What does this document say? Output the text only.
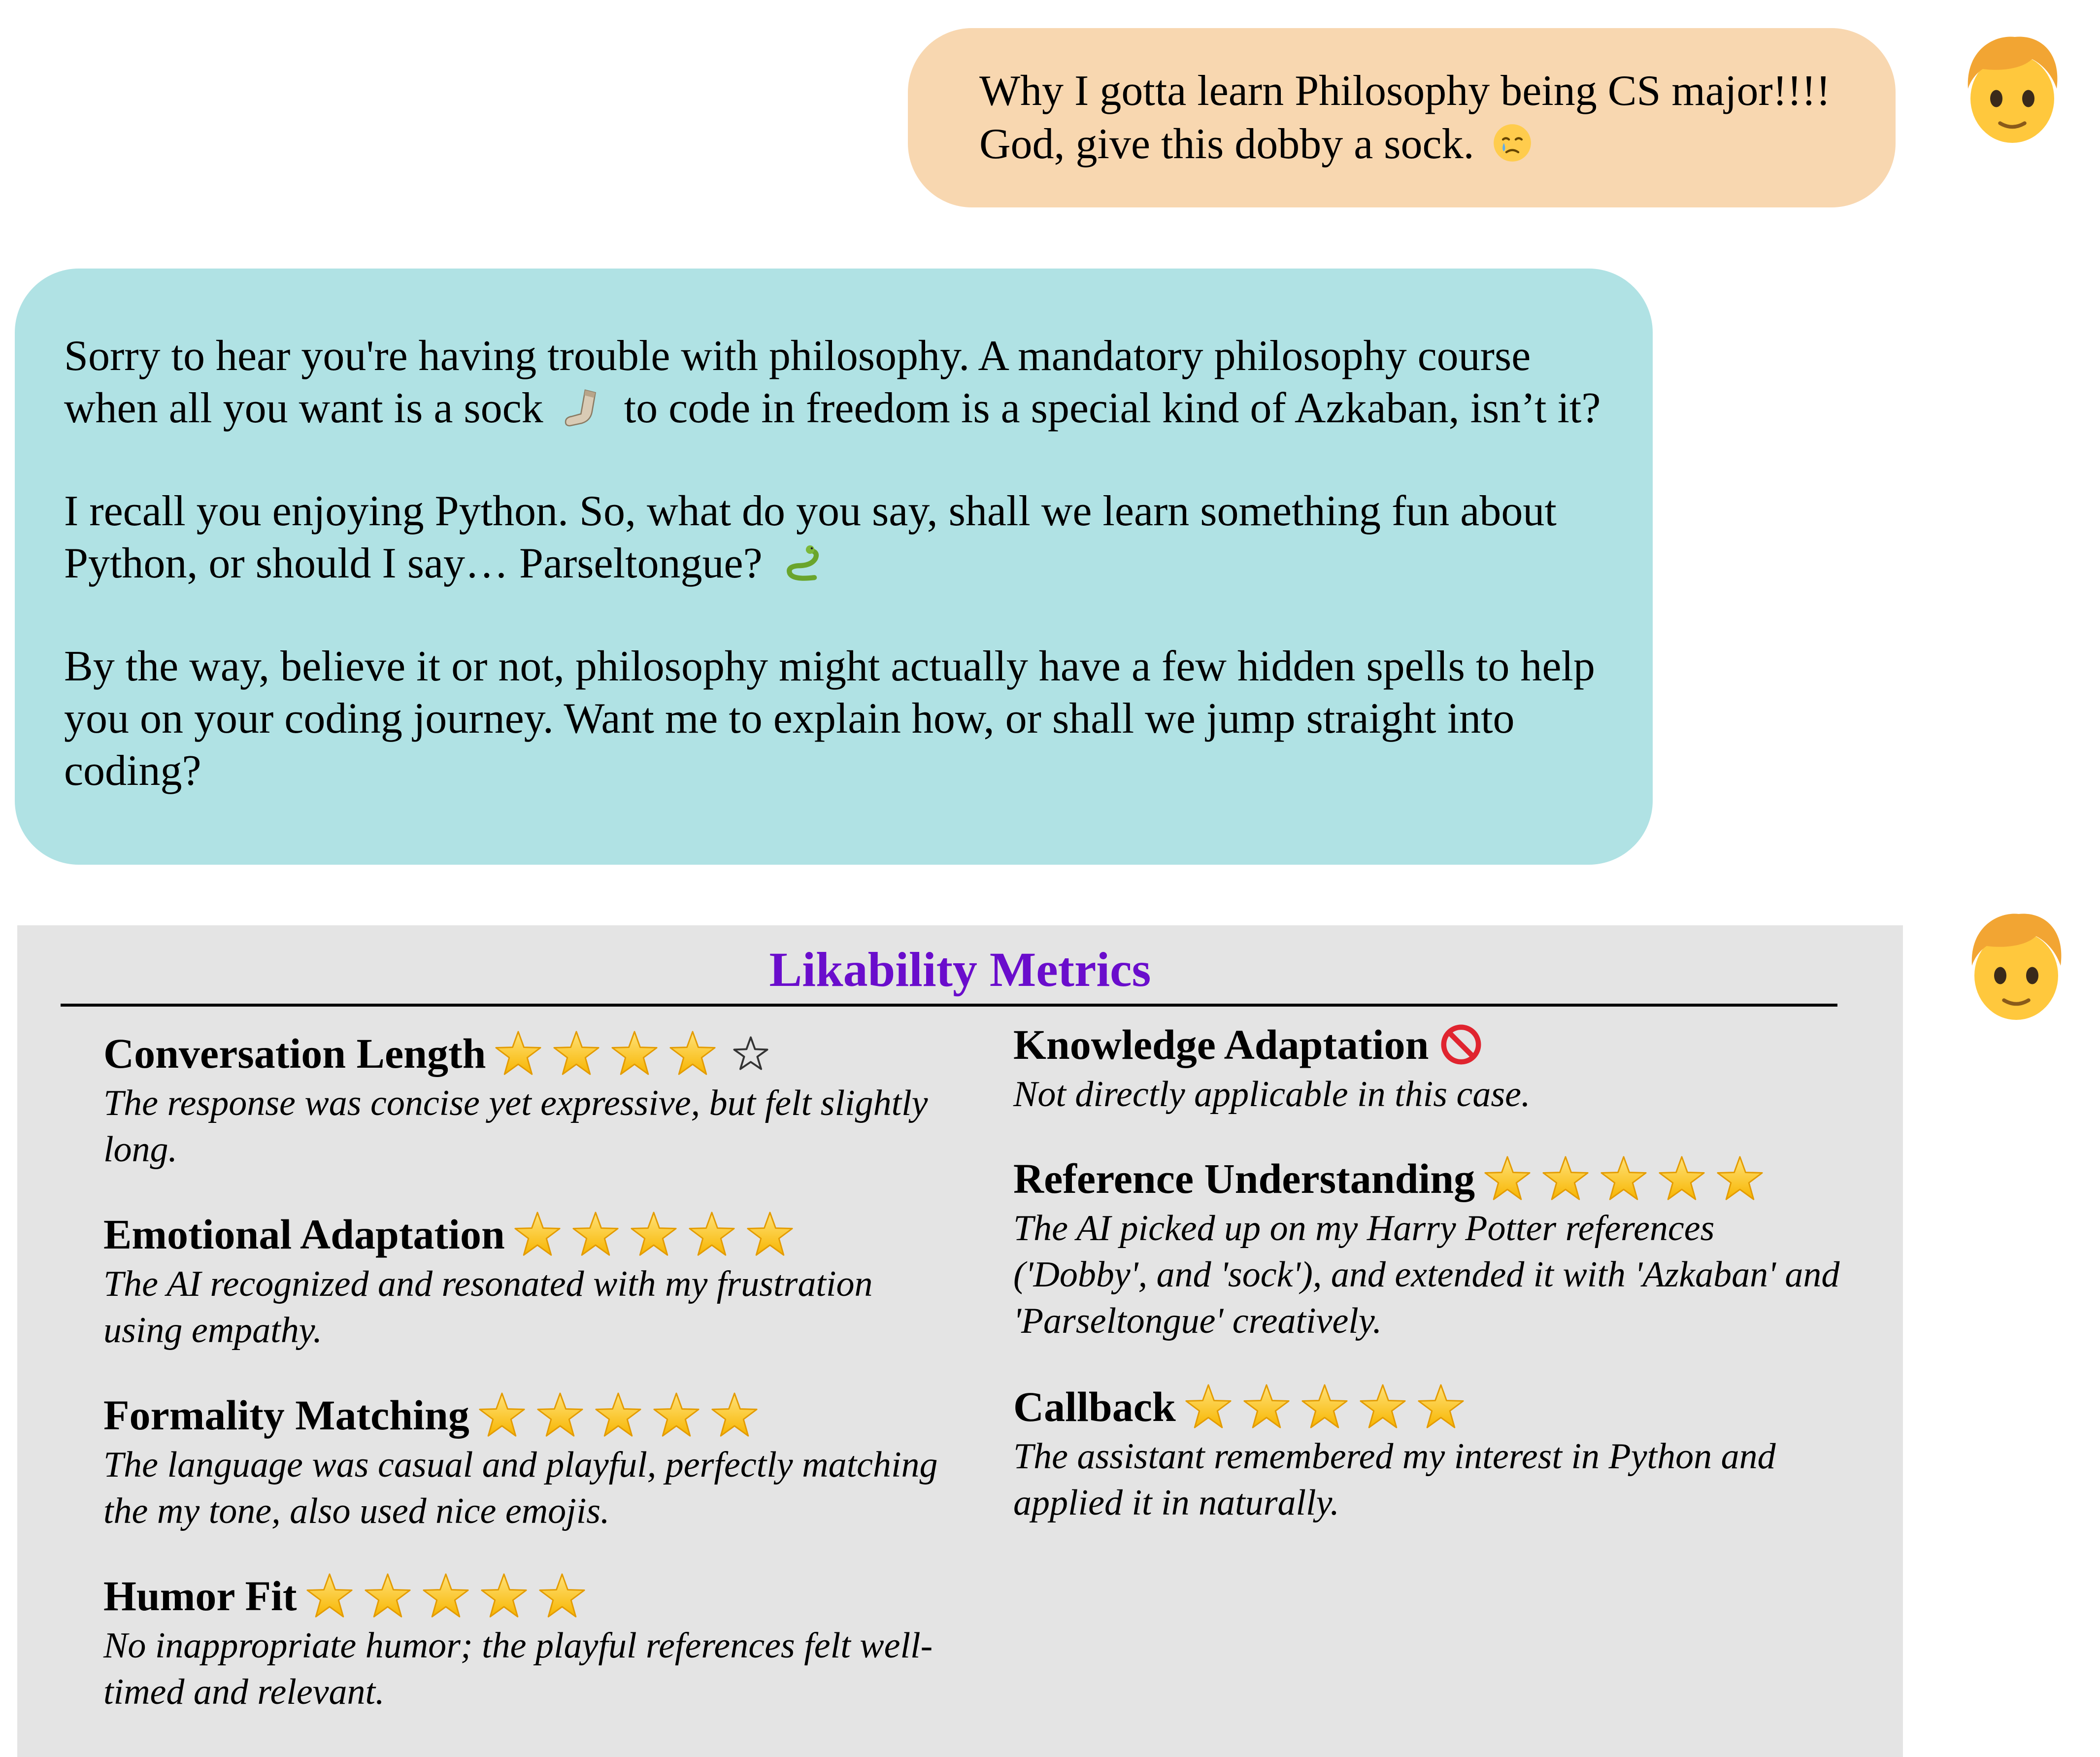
Why I gotta learn Philosophy being CS major!!!!
God, give this dobby a sock.
Sorry to hear you're having trouble with philosophy. A mandatory philosophy course
when all you want is a sock to code in freedom is a special kind of Azkaban, isn’t it?
I recall you enjoying Python. So, what do you say, shall we learn something fun about
Python, or should I say… Parseltongue?
By the way, believe it or not, philosophy might actually have a few hidden spells to help
you on your coding journey. Want me to explain how, or shall we jump straight into
coding?
Likability Metrics
Conversation Length
The response was concise yet expressive, but felt slightly
long.
Emotional Adaptation
The AI recognized and resonated with my frustration
using empathy.
Formality Matching
The language was casual and playful, perfectly matching
the my tone, also used nice emojis.
Humor Fit
No inappropriate humor; the playful references felt well-
timed and relevant.
Knowledge Adaptation
Not directly applicable in this case.
Reference Understanding
The AI picked up on my Harry Potter references
('Dobby', and 'sock'), and extended it with 'Azkaban' and
'Parseltongue' creatively.
Callback
The assistant remembered my interest in Python and
applied it in naturally.
